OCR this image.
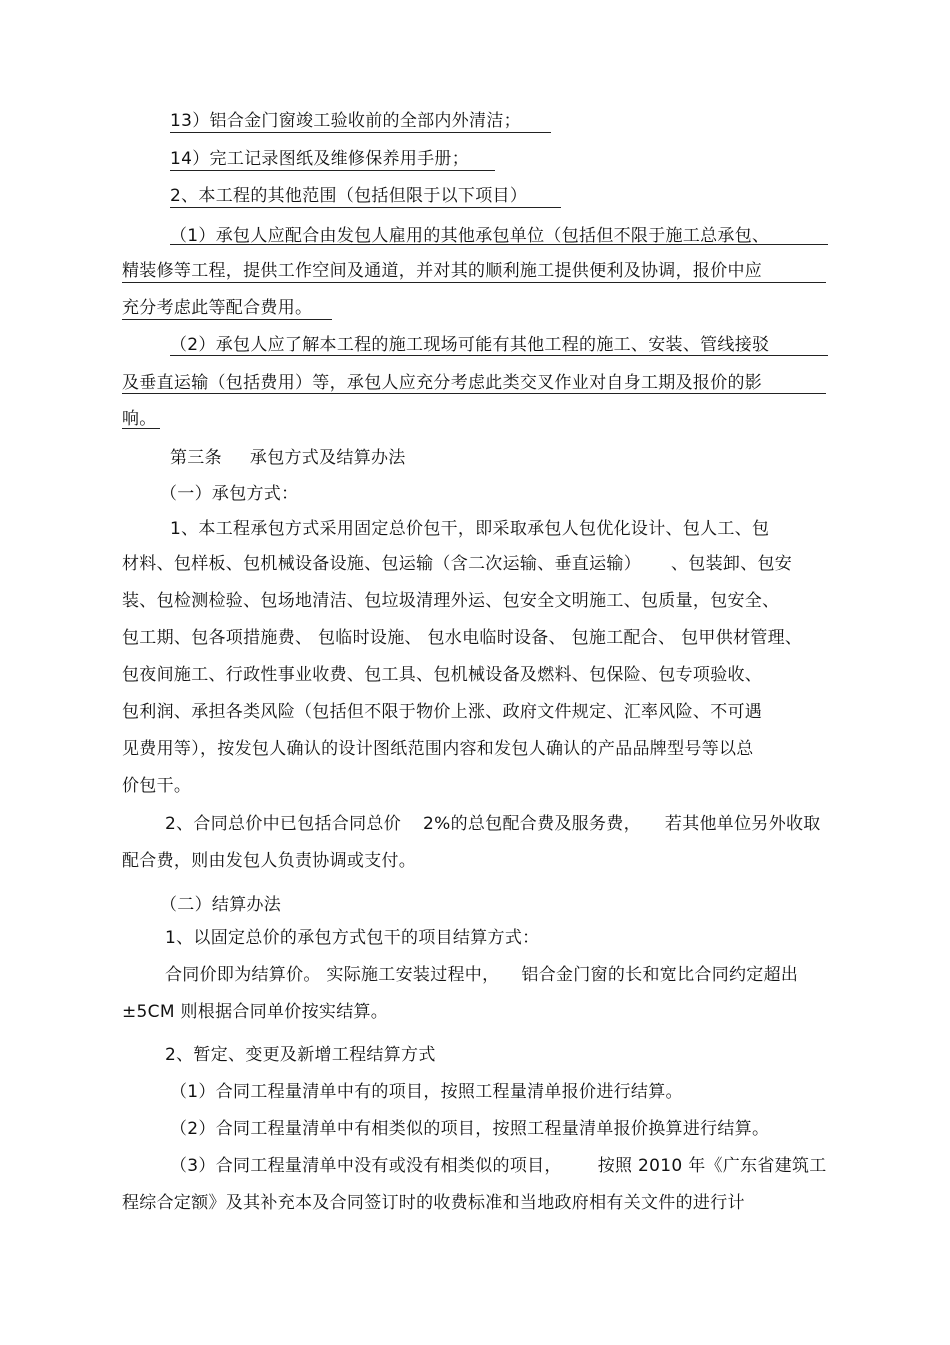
13）铝合金门窗竣工验收前的全部内外清洁；
14）完工记录图纸及维修保养用手册；
2、本工程的其他范围（包括但限于以下项目）
（1）承包人应配合由发包人雇用的其他承包单位（包括但不限于施工总承包、
精装修等工程，提供工作空间及通道，并对其的顺利施工提供便利及协调，报价中应
充分考虑此等配合费用。
（2）承包人应了解本工程的施工现场可能有其他工程的施工、安装、管线接驳
及垂直运输（包括费用）等，承包人应充分考虑此类交叉作业对自身工期及报价的影
响。
第三条 承包方式及结算办法
（一）承包方式：
1、本工程承包方式采用固定总价包干，即采取承包人包优化设计、包人工、包
材料、包样板、包机械设备设施、包运输（含二次运输、垂直运输） 、包装卸、包安
装、包检测检验、包场地清洁、包垃圾清理外运、包安全文明施工、包质量，包安全、
包工期、包各项措施费、 包临时设施、 包水电临时设备、 包施工配合、 包甲供材管理、
包夜间施工、行政性事业收费、包工具、包机械设备及燃料、包保险、包专项验收、
包利润、承担各类风险（包括但不限于物价上涨、政府文件规定、汇率风险、不可遇
见费用等），按发包人确认的设计图纸范围内容和发包人确认的产品品牌型号等以总
价包干。
2、合同总价中已包括合同总价 2%的总包配合费及服务费， 若其他单位另外收取
配合费，则由发包人负责协调或支付。
（二）结算办法
1、以固定总价的承包方式包干的项目结算方式：
合同价即为结算价。 实际施工安装过程中， 铝合金门窗的长和宽比合同约定超出
±5CM 则根据合同单价按实结算。
2、暂定、变更及新增工程结算方式
（1）合同工程量清单中有的项目，按照工程量清单报价进行结算。
（2）合同工程量清单中有相类似的项目，按照工程量清单报价换算进行结算。
（3）合同工程量清单中没有或没有相类似的项目， 按照 2010 年《广东省建筑工
程综合定额》及其补充本及合同签订时的收费标准和当地政府相有关文件的进行计
